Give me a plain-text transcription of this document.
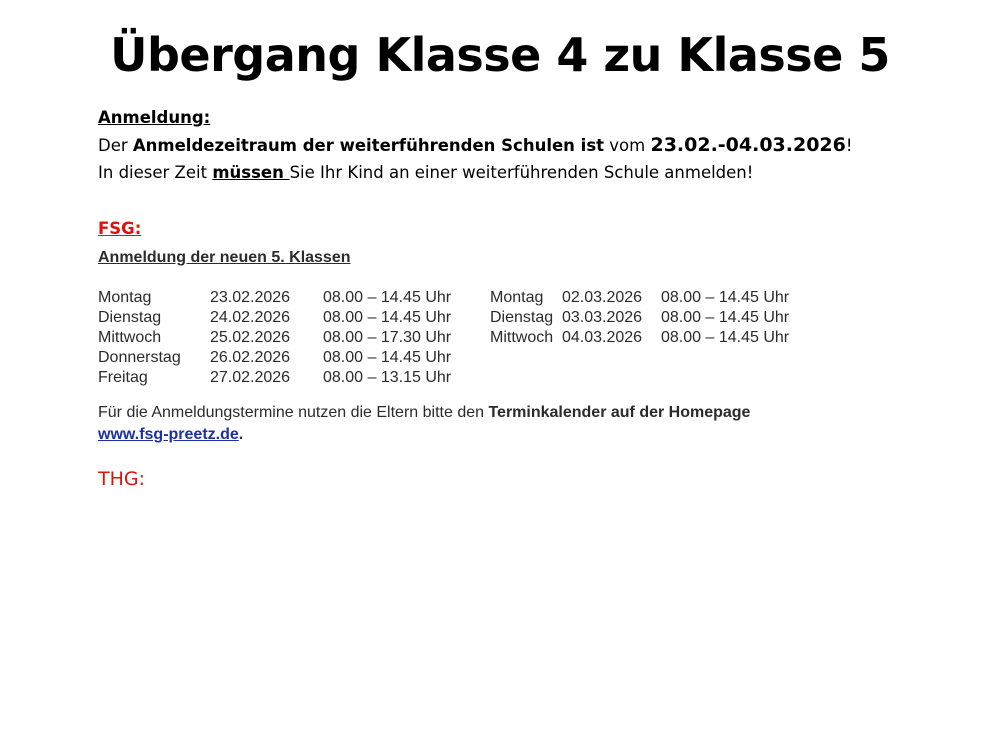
Übergang Klasse 4 zu Klasse 5
Anmeldung:
Der Anmeldezeitraum der weiterführenden Schulen ist vom 23.02.-04.03.2026!
In dieser Zeit müssen Sie Ihr Kind an einer weiterführenden Schule anmelden!
FSG:
Anmeldung der neuen 5. Klassen
Montag	23.02.2026 08.00 – 14.45 Uhr Montag 02.03.2026 08.00 – 14.45 Uhr
Dienstag	24.02.2026 08.00 – 14.45 Uhr Dienstag 03.03.2026 08.00 – 14.45 Uhr
Mittwoch	25.02.2026 08.00 – 17.30 Uhr Mittwoch 04.03.2026 08.00 – 14.45 Uhr
Donnerstag 26.02.2026 08.00 – 14.45 Uhr
Freitag	27.02.2026 08.00 – 13.15 Uhr
Für die Anmeldungstermine nutzen die Eltern bitte den Terminkalender auf der Homepage
www.fsg-preetz.de.
THG:
